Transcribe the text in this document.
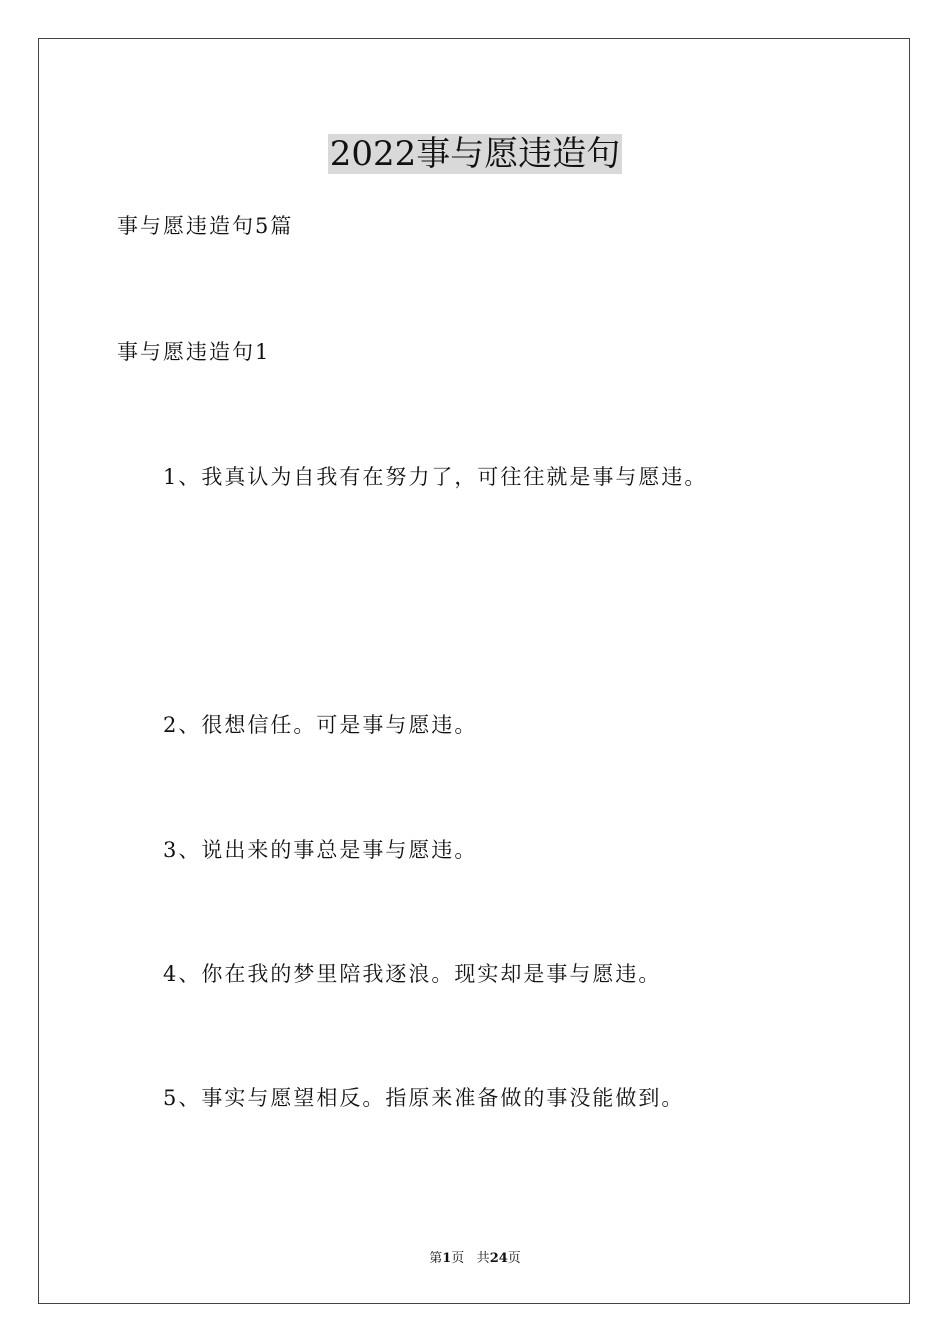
2022事与愿违造句
事与愿违造句5篇
事与愿违造句1
1、我真认为自我有在努力了，可往往就是事与愿违。
2、很想信任。可是事与愿违。
3、说出来的事总是事与愿违。
4、你在我的梦里陪我逐浪。现实却是事与愿违。
5、事实与愿望相反。指原来准备做的事没能做到。
第1页 共24页
